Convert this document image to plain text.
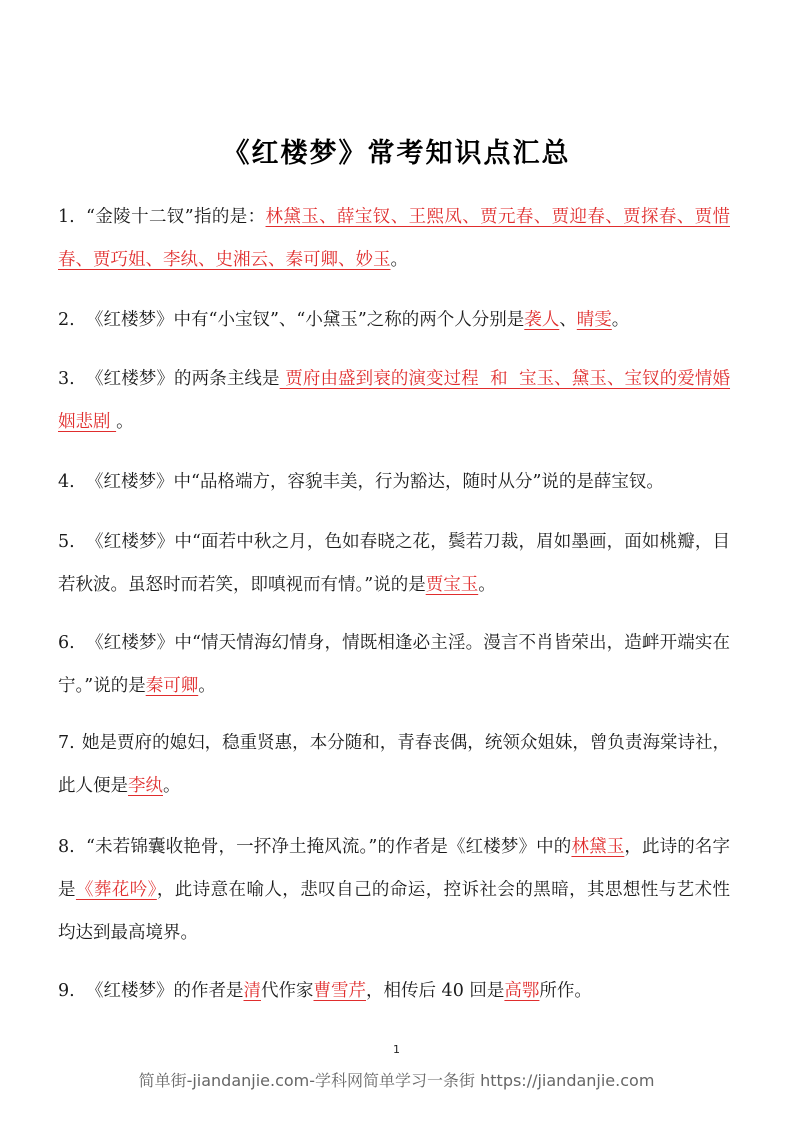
《红楼梦》常考知识点汇总
1. “金陵十二钗”指的是：林黛玉、薛宝钗、王熙凤、贾元春、贾迎春、贾探春、贾惜春、贾巧姐、李纨、史湘云、秦可卿、妙玉。
2. 《红楼梦》中有“小宝钗”、“小黛玉”之称的两个人分别是袭人、晴雯。
3. 《红楼梦》的两条主线是 贾府由盛到衰的演变过程  和  宝玉、黛玉、宝钗的爱情婚姻悲剧 。
4. 《红楼梦》中“品格端方，容貌丰美，行为豁达，随时从分”说的是薛宝钗。
5. 《红楼梦》中“面若中秋之月，色如春晓之花，鬓若刀裁，眉如墨画，面如桃瓣，目若秋波。虽怒时而若笑，即嗔视而有情。”说的是贾宝玉。
6. 《红楼梦》中“情天情海幻情身，情既相逢必主淫。漫言不肖皆荣出，造衅开端实在宁。”说的是秦可卿。
7. 她是贾府的媳妇，稳重贤惠，本分随和，青春丧偶，统领众姐妹，曾负责海棠诗社，此人便是李纨。
8. “未若锦囊收艳骨，一抔净土掩风流。”的作者是《红楼梦》中的林黛玉，此诗的名字是《葬花吟》，此诗意在喻人，悲叹自己的命运，控诉社会的黑暗，其思想性与艺术性均达到最高境界。
9. 《红楼梦》的作者是清代作家曹雪芹，相传后 40 回是高鄂所作。
1
简单街-jiandanjie.com-学科网简单学习一条街 https://jiandanjie.com
